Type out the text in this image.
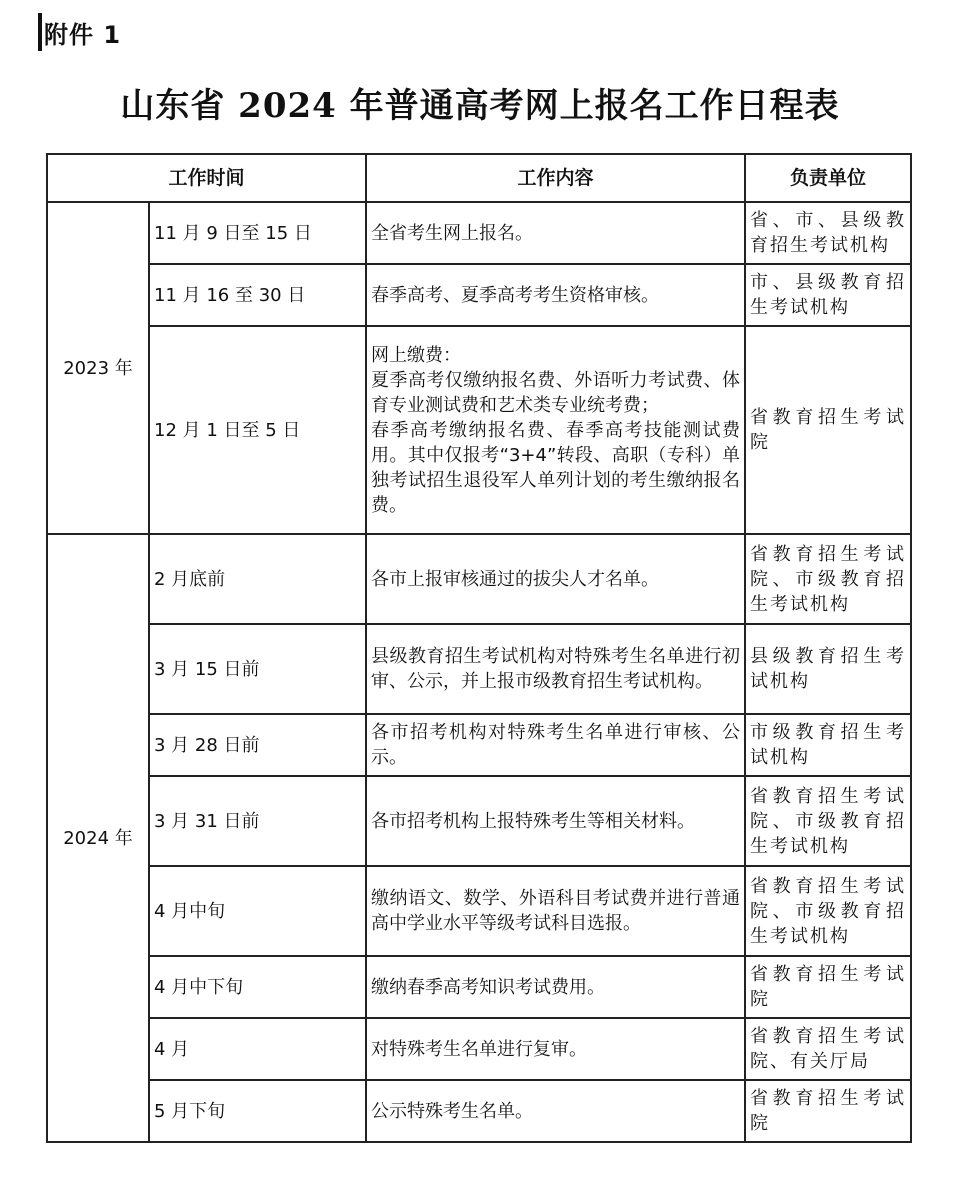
附件 1
山东省 2024 年普通高考网上报名工作日程表
工作时间		工作内容	负责单位
2023 年	11 月 9 日至 15 日	全省考生网上报名。	省、市、县级教育招生考试机构
	11 月 16 至 30 日	春季高考、夏季高考考生资格审核。	市、县级教育招生考试机构
	12 月 1 日至 5 日	网上缴费：
夏季高考仅缴纳报名费、外语听力考试费、体育专业测试费和艺术类专业统考费；
春季高考缴纳报名费、春季高考技能测试费用。其中仅报考“3+4”转段、高职（专科）单独考试招生退役军人单列计划的考生缴纳报名费。	省教育招生考试院
2024 年	2 月底前	各市上报审核通过的拔尖人才名单。	省教育招生考试院、市级教育招生考试机构
	3 月 15 日前	县级教育招生考试机构对特殊考生名单进行初审、公示，并上报市级教育招生考试机构。	县级教育招生考试机构
	3 月 28 日前	各市招考机构对特殊考生名单进行审核、公示。	市级教育招生考试机构
	3 月 31 日前	各市招考机构上报特殊考生等相关材料。	省教育招生考试院、市级教育招生考试机构
	4 月中旬	缴纳语文、数学、外语科目考试费并进行普通高中学业水平等级考试科目选报。	省教育招生考试院、市级教育招生考试机构
	4 月中下旬	缴纳春季高考知识考试费用。	省教育招生考试院
	4 月	对特殊考生名单进行复审。	省教育招生考试院、有关厅局
	5 月下旬	公示特殊考生名单。	省教育招生考试院
